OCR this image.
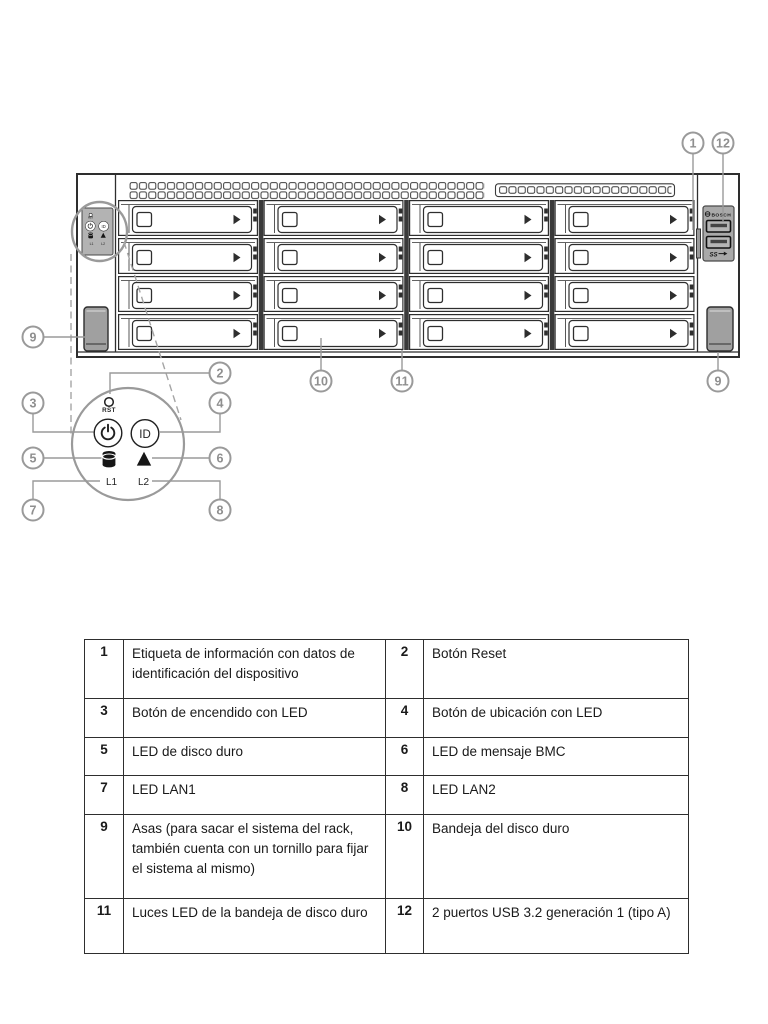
L2
BOSCH
SS
1 12
9
2
3	4
5	6
7	8
10	11	9
1	Etiqueta de información con datos de identificación del dispositivo	2	Botón Reset
3	Botón de encendido con LED	4	Botón de ubicación con LED
5	LED de disco duro	6	LED de mensaje BMC
7	LED LAN1	8	LED LAN2
9	Asas (para sacar el sistema del rack, también cuenta con un tornillo para fijar el sistema al mismo)	10	Bandeja del disco duro
11	Luces LED de la bandeja de disco duro	12	2 puertos USB 3.2 generación 1 (tipo A)
